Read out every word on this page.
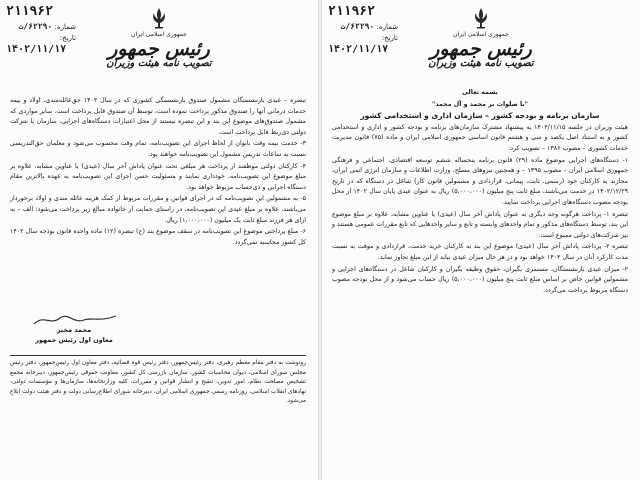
۲۱۱۹۶۲
شماره: ۶۲۲۹۰/ت
تاریخ:
۱۴۰۲/۱۱/۱۷
جمهوری اسلامی ایران
رئیس جمهور
تصویب نامه هیئت وزیران

تبصره – عیدی بازنشستگان مشمول صندوق بازنشستگی کشوری که در سال ۱۴۰۲ حق‌عائله‌مندی، اولاد و بیمه خدمات درمانی آنها را صندوق مذکور پرداخت نموده است، توسط آن صندوق قابل پرداخت است. سایر مواردی که مشمول صندوق‌های موضوع این بند و این تبصره نیستند از محل اعتبارات دستگاه‌های اجرایی، سازمان یا شرکت دولتی ذی‌ربط قابل پرداخت است.

۳- خدمت نیمه وقت بانوان از لحاظ اجرای این تصویب‌نامه، تمام وقت محسوب می‌شود و معلمان حق‌التدریسی نسبت به ساعات تدریس مشمول این تصویب‌نامه خواهند بود.

۴- کارکنان دولتی موظفند از پرداخت هر مبلغی تحت عنوان پاداش آخر سال (عیدی) یا عناوین مشابه، علاوه بر مبلغ موضوع این تصویب‌نامه، خودداری نمایند و مسئولیت حسن اجرای این تصویب‌نامه به عهده بالاترین مقام دستگاه اجرایی و ذی‌حساب مربوط خواهد بود.

۵- به مشمولین این تصویب‌نامه که در اجرای قوانین و مقررات مربوط از کمک هزینه عائله مندی و اولاد برخوردار می‌باشند، علاوه بر مبلغ عیدی این تصویب‌نامه، در راستای حمایت از خانواده مبالغ زیر پرداخت می‌شود: الف – به ازای هر فرزند مبلغ ثابت یک میلیون (۱،۰۰۰،۰۰۰) ریال.

۶- مبلغ پرداختی موضوع این تصویب‌نامه در سقف موضوع بند (ج) تبصره (۱۲) ماده واحده قانون بودجه سال ۱۴۰۲ کل کشور محاسبه نمی‌گردد.

محمد مخبر
معاون اول رئیس جمهور

رونوشت به دفتر مقام معظم رهبری، دفتر رئیس‌جمهور، دفتر رئیس قوه قضائیه، دفتر معاون اول رئیس‌جمهور، دفتر رئیس مجلس شورای اسلامی، دیوان محاسبات کشور، سازمان بازرسی کل کشور، معاونت حقوقی رئیس‌جمهور، دبیرخانه مجمع تشخیص مصلحت نظام، امور تدوین، تنقیح و انتشار قوانین و مقررات، کلیه وزارتخانه‌ها، سازمان‌ها و مؤسسات دولتی، نهادهای انقلاب اسلامی، روزنامه رسمی جمهوری اسلامی ایران، دبیرخانه شورای اطلاع‌رسانی دولت و دفتر هیئت دولت ابلاغ می‌شود.

۲۱۱۹۶۲
شماره: ۶۲۲۹۰/ت
تاریخ:
۱۴۰۲/۱۱/۱۷
جمهوری اسلامی ایران
رئیس جمهور
تصویب نامه هیئت وزیران

بسمه تعالی

"با صلوات بر محمد و آل محمد"

سازمان برنامه و بودجه کشور – سازمان اداری و استخدامی کشور

هیئت وزیران در جلسه ۱۴۰۲/۱۱/۱۵ به پیشنهاد مشترک سازمان‌های برنامه و بودجه کشور و اداری و استخدامی کشور و به استناد اصل یکصد و سی و هشتم قانون اساسی جمهوری اسلامی ایران و ماده (۷۵) قانون مدیریت خدمات کشوری – مصوب ۱۳۸۶ – تصویب کرد:

۱- دستگاه‌های اجرایی موضوع ماده (۲۹) قانون برنامه پنجساله ششم توسعه اقتصادی، اجتماعی و فرهنگی جمهوری اسلامی ایران – مصوب ۱۳۹۵ – و همچنین نیروهای مسلح، وزارت اطلاعات و سازمان انرژی اتمی ایران، مجازند به کارکنان خود (رسمی، ثابت، پیمانی، قراردادی و مشمولین قانون کار) شاغل در دستگاه که در تاریخ ۱۴۰۲/۱۲/۲۹ در خدمت می‌باشند، مبلغ ثابت پنج میلیون (۵،۰۰۰،۰۰۰) ریال به عنوان عیدی پایان سال ۱۴۰۲ از محل بودجه مصوب دستگاه‌های اجرایی پرداخت نمایند.

تبصره ۱- پرداخت هرگونه وجه دیگری به عنوان پاداش آخر سال (عیدی) یا عناوین مشابه، علاوه بر مبلغ موضوع این بند، توسط دستگاه‌های مذکور و تمام واحدهای وابسته و تابع و سایر واحدهایی که تابع مقررات عمومی هستند و نیز شرکت‌های دولتی ممنوع است.

تبصره ۲- پرداخت پاداش آخر سال (عیدی) موضوع این بند به کارکنان خرید خدمت، قراردادی و موقت به نسبت مدت کارکرد آنان در سال ۱۴۰۲ خواهد بود و در هر حال میزان عیدی نباید از این مبلغ تجاوز نماید.

۲- میزان عیدی بازنشستگان، مستمری بگیران، حقوق وظیفه بگیران و کارکنان شاغل در دستگاه‌های اجرایی و مشمولین قوانین خاص بر اساس مبلغ ثابت پنج میلیون (۵،۰۰۰،۰۰۰) ریال حساب می‌شود و از محل بودجه مصوب دستگاه مربوط پرداخت می‌گردد.
